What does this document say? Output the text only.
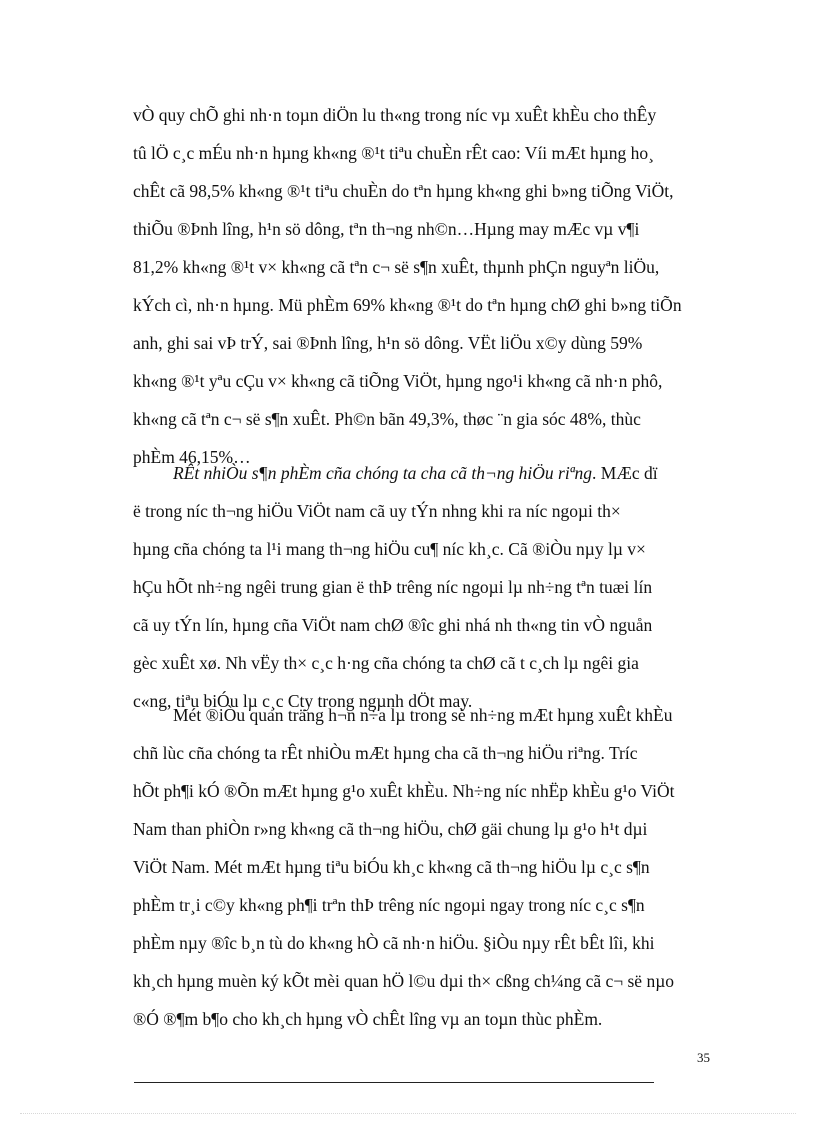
vÒ quy chÕ ghi nh·n toµn diÖn lu th«ng trong níc vµ xuÊt khÈu cho thÊy
tû lÖ c¸c mÉu nh·n hµng kh«ng ®¹t tiªu chuÈn rÊt cao: Víi mÆt hµng ho¸
chÊt cã 98,5% kh«ng ®¹t tiªu chuÈn do tªn hµng kh«ng ghi b»ng tiÕng ViÖt,
thiÕu ®Þnh lîng, h¹n sö dông, tªn th¬ng nh©n…Hµng may mÆc vµ v¶i
81,2% kh«ng ®¹t v× kh«ng cã tªn c¬ së s¶n xuÊt, thµnh phÇn nguyªn liÖu,
kÝch cì, nh·n hµng. Mü phÈm 69% kh«ng ®¹t do tªn hµng chØ ghi b»ng tiÕn
anh, ghi sai vÞ trÝ, sai ®Þnh lîng, h¹n sö dông. VËt liÖu x©y dùng 59%
kh«ng ®¹t yªu cÇu v× kh«ng cã tiÕng ViÖt, hµng ngo¹i kh«ng cã nh·n phô,
kh«ng cã tªn c¬ së s¶n xuÊt. Ph©n bãn 49,3%, thøc ¨n gia sóc 48%, thùc
phÈm 46,15%…
RÊt nhiÒu s¶n phÈm cña chóng ta cha cã th¬ng hiÖu riªng. MÆc dï
ë trong níc th¬ng hiÖu ViÖt nam cã uy tÝn nhng khi ra níc ngoµi th×
hµng cña chóng ta l¹i mang th¬ng hiÖu cu¶ níc kh¸c. Cã ®iÒu nµy lµ v×
hÇu hÕt nh÷ng ngêi trung gian ë thÞ trêng níc ngoµi lµ nh÷ng tªn tuæi lín
cã uy tÝn lín, hµng cña ViÖt nam chØ ®îc ghi nhá nh th«ng tin vÒ nguån
gèc xuÊt xø. Nh vËy th× c¸c h·ng cña chóng ta chØ cã t c¸ch lµ ngêi gia
c«ng, tiªu biÓu lµ c¸c Cty trong ngµnh dÖt may.
Mét ®iÒu quan träng h¬n n÷a lµ trong sè nh÷ng mÆt hµng xuÊt khÈu
chñ lùc cña chóng ta rÊt nhiÒu mÆt hµng cha cã th¬ng hiÖu riªng. Tríc
hÕt ph¶i kÓ ®Õn mÆt hµng g¹o xuÊt khÈu. Nh÷ng níc nhËp khÈu g¹o ViÖt
Nam than phiÒn r»ng kh«ng cã th¬ng hiÖu, chØ gäi chung lµ g¹o h¹t dµi
ViÖt Nam. Mét mÆt hµng tiªu biÓu kh¸c kh«ng cã th¬ng hiÖu lµ c¸c s¶n
phÈm tr¸i c©y kh«ng ph¶i trªn thÞ trêng níc ngoµi ngay trong níc c¸c s¶n
phÈm nµy ®îc b¸n tù do kh«ng hÒ cã nh·n hiÖu. §iÒu nµy rÊt bÊt lîi, khi
kh¸ch hµng muèn ký kÕt mèi quan hÖ l©u dµi th× cßng ch¼ng cã c¬ së nµo
®Ó ®¶m b¶o cho kh¸ch hµng vÒ chÊt lîng vµ an toµn thùc phÈm.
35
